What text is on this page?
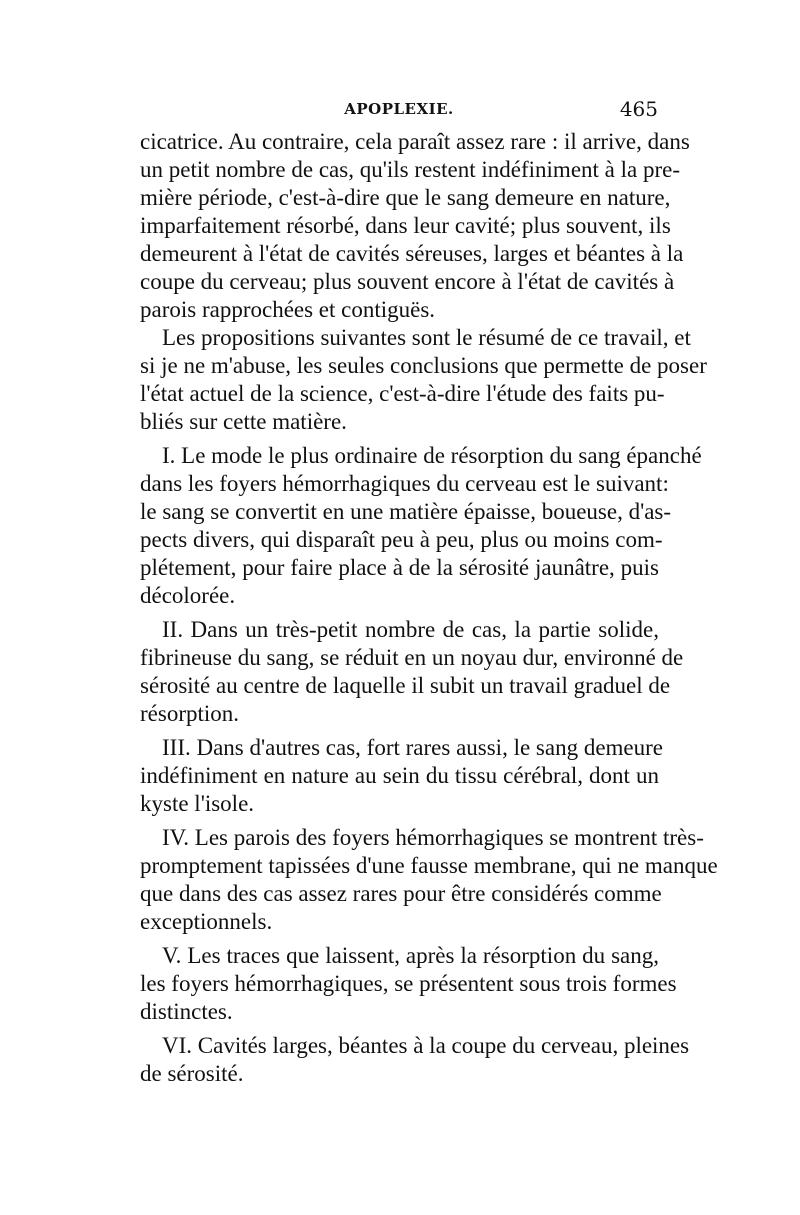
APOPLEXIE.	465
cicatrice. Au contraire, cela paraît assez rare : il arrive, dans
un petit nombre de cas, qu'ils restent indéfiniment à la pre-
mière période, c'est-à-dire que le sang demeure en nature,
imparfaitement résorbé, dans leur cavité; plus souvent, ils
demeurent à l'état de cavités séreuses, larges et béantes à la
coupe du cerveau; plus souvent encore à l'état de cavités à
parois rapprochées et contiguës.
Les propositions suivantes sont le résumé de ce travail, et
si je ne m'abuse, les seules conclusions que permette de poser
l'état actuel de la science, c'est-à-dire l'étude des faits pu-
bliés sur cette matière.
I. Le mode le plus ordinaire de résorption du sang épanché
dans les foyers hémorrhagiques du cerveau est le suivant:
le sang se convertit en une matière épaisse, boueuse, d'as-
pects divers, qui disparaît peu à peu, plus ou moins com-
plétement, pour faire place à de la sérosité jaunâtre, puis
décolorée.
II. Dans un très-petit nombre de cas, la partie solide,
fibrineuse du sang, se réduit en un noyau dur, environné de
sérosité au centre de laquelle il subit un travail graduel de
résorption.
III. Dans d'autres cas, fort rares aussi, le sang demeure
indéfiniment en nature au sein du tissu cérébral, dont un
kyste l'isole.
IV. Les parois des foyers hémorrhagiques se montrent très-
promptement tapissées d'une fausse membrane, qui ne manque
que dans des cas assez rares pour être considérés comme
exceptionnels.
V. Les traces que laissent, après la résorption du sang,
les foyers hémorrhagiques, se présentent sous trois formes
distinctes.
VI. Cavités larges, béantes à la coupe du cerveau, pleines
de sérosité.
